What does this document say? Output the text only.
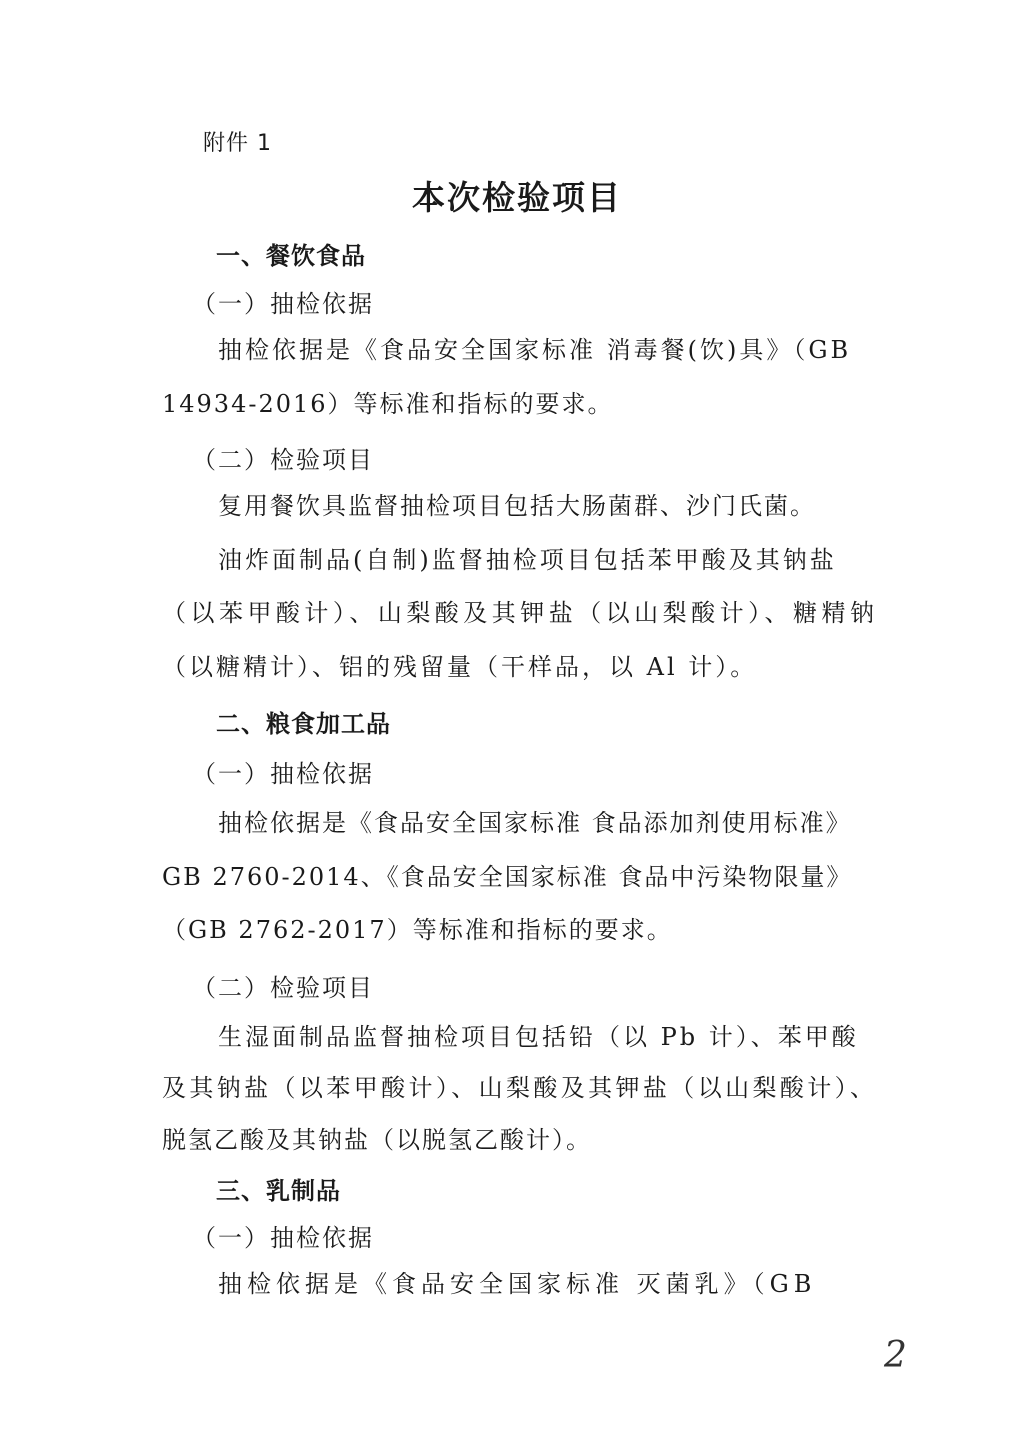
附件 1
本次检验项目
一、餐饮食品
（一）抽检依据
抽检依据是《食品安全国家标准 消毒餐(饮)具》（GB
14934-2016）等标准和指标的要求。
（二）检验项目
复用餐饮具监督抽检项目包括大肠菌群、沙门氏菌。
油炸面制品(自制)监督抽检项目包括苯甲酸及其钠盐
（以苯甲酸计）、山梨酸及其钾盐（以山梨酸计）、糖精钠
（以糖精计）、铝的残留量（干样品，以 Al 计）。
二、粮食加工品
（一）抽检依据
抽检依据是《食品安全国家标准 食品添加剂使用标准》
GB 2760-2014、《食品安全国家标准 食品中污染物限量》
（GB 2762-2017）等标准和指标的要求。
（二）检验项目
生湿面制品监督抽检项目包括铅（以 Pb 计）、苯甲酸
及其钠盐（以苯甲酸计）、山梨酸及其钾盐（以山梨酸计）、
脱氢乙酸及其钠盐（以脱氢乙酸计）。
三、乳制品
（一）抽检依据
抽检依据是《食品安全国家标准 灭菌乳》（GB
2
